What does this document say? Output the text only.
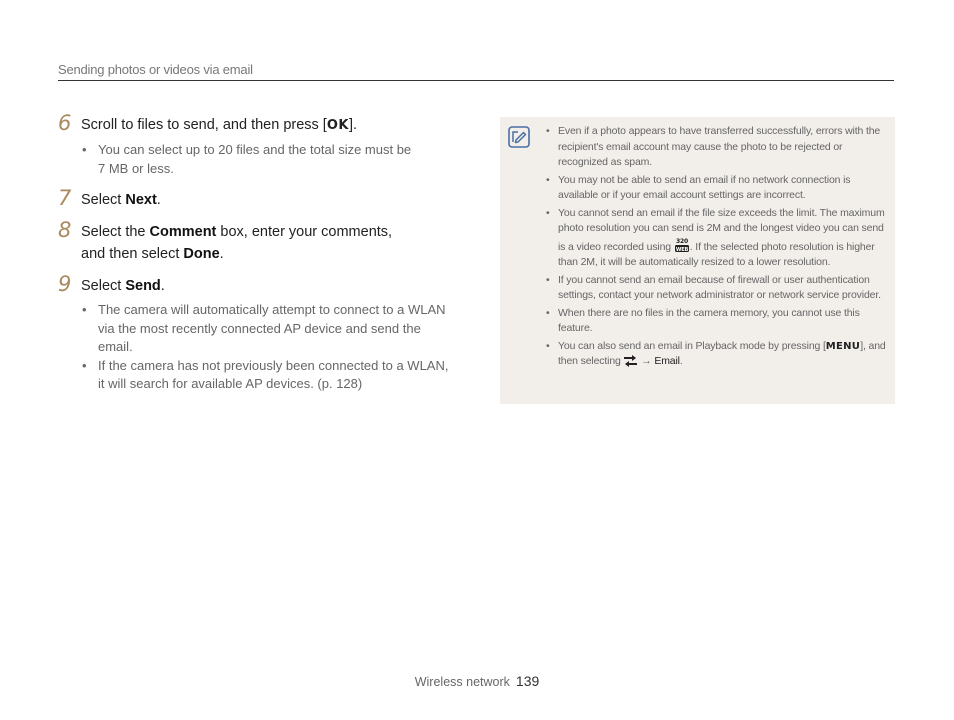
Sending photos or videos via email
6 Scroll to files to send, and then press [OK].
• You can select up to 20 files and the total size must be 7 MB or less.
7 Select Next.
8 Select the Comment box, enter your comments, and then select Done.
9 Select Send.
• The camera will automatically attempt to connect to a WLAN via the most recently connected AP device and send the email.
• If the camera has not previously been connected to a WLAN, it will search for available AP devices. (p. 128)
• Even if a photo appears to have transferred successfully, errors with the recipient's email account may cause the photo to be rejected or recognized as spam.
• You may not be able to send an email if no network connection is available or if your email account settings are incorrect.
• You cannot send an email if the file size exceeds the limit. The maximum photo resolution you can send is 2M and the longest video you can send is a video recorded using 320
WEB . If the selected photo resolution is higher than 2M, it will be automatically resized to a lower resolution.
• If you cannot send an email because of firewall or user authentication settings, contact your network administrator or network service provider.
• When there are no files in the camera memory, you cannot use this feature.
• You can also send an email in Playback mode by pressing [MENU], and then selecting  → Email.
Wireless network 139
